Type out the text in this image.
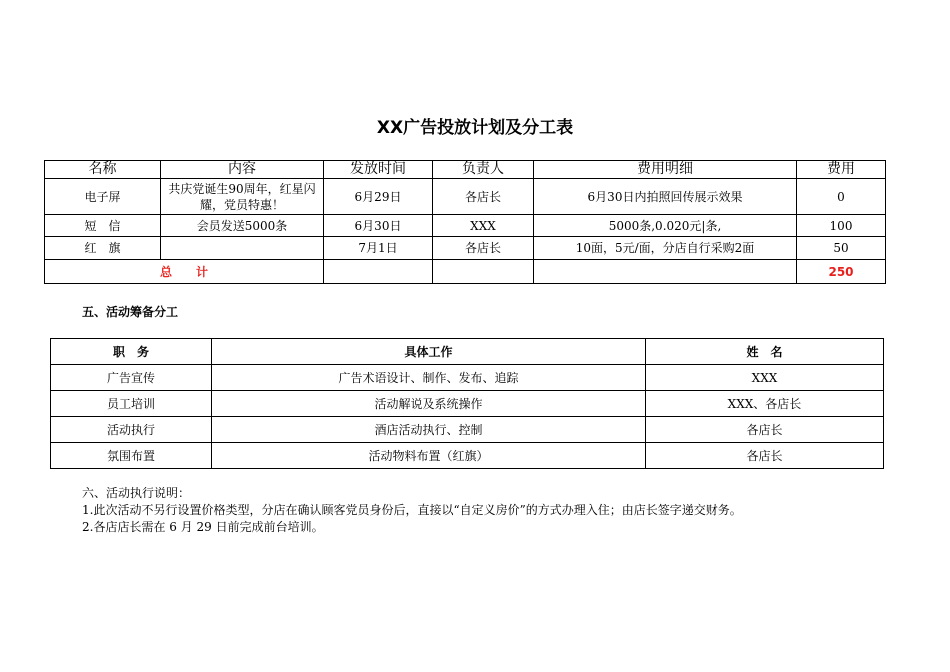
XX广告投放计划及分工表
名称	内容	发放时间	负责人	费用明细	费用
电子屏	共庆党诞生90周年，红星闪耀，党员特惠！	6月29日	各店长	6月30日内拍照回传展示效果	0
短　信	会员发送5000条	6月30日	XXX	5000条,0.020元|条,	100
红　旗		7月1日	各店长	10面，5元/面，分店自行采购2面	50
总　　计					250
五、活动筹备分工
职　务	具体工作	姓　名
广告宣传	广告术语设计、制作、发布、追踪	XXX
员工培训	活动解说及系统操作	XXX、各店长
活动执行	酒店活动执行、控制	各店长
氛围布置	活动物料布置（红旗）	各店长
六、活动执行说明：
1.此次活动不另行设置价格类型，分店在确认顾客党员身份后，直接以“自定义房价”的方式办理入住；由店长签字递交财务。
2.各店店长需在 6 月 29 日前完成前台培训。
